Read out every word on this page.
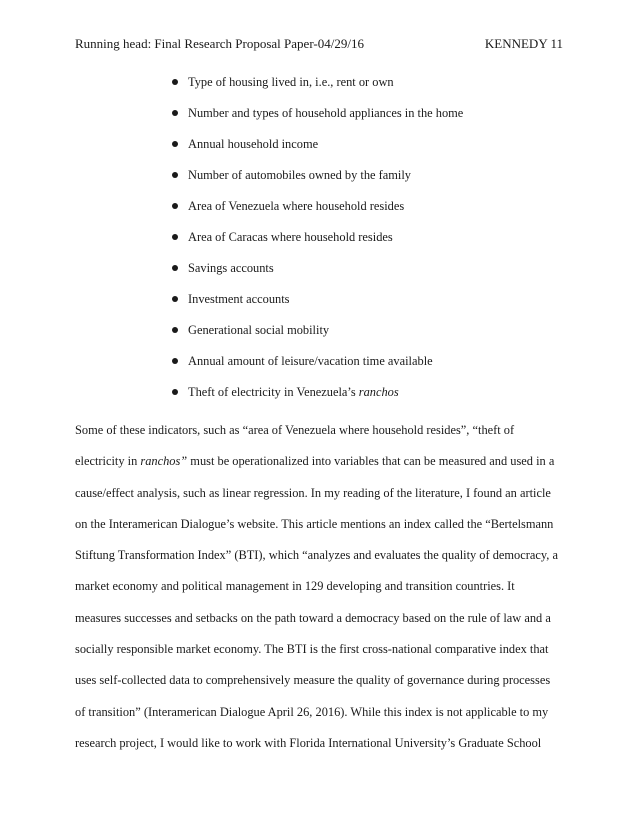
Running head: Final Research Proposal Paper-04/29/16	KENNEDY 11
Type of housing lived in, i.e., rent or own
Number and types of household appliances in the home
Annual household income
Number of automobiles owned by the family
Area of Venezuela where household resides
Area of Caracas where household resides
Savings accounts
Investment accounts
Generational social mobility
Annual amount of leisure/vacation time available
Theft of electricity in Venezuela’s ranchos
Some of these indicators, such as “area of Venezuela where household resides”, “theft of
electricity in ranchos” must be operationalized into variables that can be measured and used in a
cause/effect analysis, such as linear regression. In my reading of the literature, I found an article
on the Interamerican Dialogue’s website. This article mentions an index called the “Bertelsmann
Stiftung Transformation Index” (BTI), which “analyzes and evaluates the quality of democracy, a
market economy and political management in 129 developing and transition countries. It
measures successes and setbacks on the path toward a democracy based on the rule of law and a
socially responsible market economy. The BTI is the first cross-national comparative index that
uses self-collected data to comprehensively measure the quality of governance during processes
of transition” (Interamerican Dialogue April 26, 2016). While this index is not applicable to my
research project, I would like to work with Florida International University’s Graduate School
